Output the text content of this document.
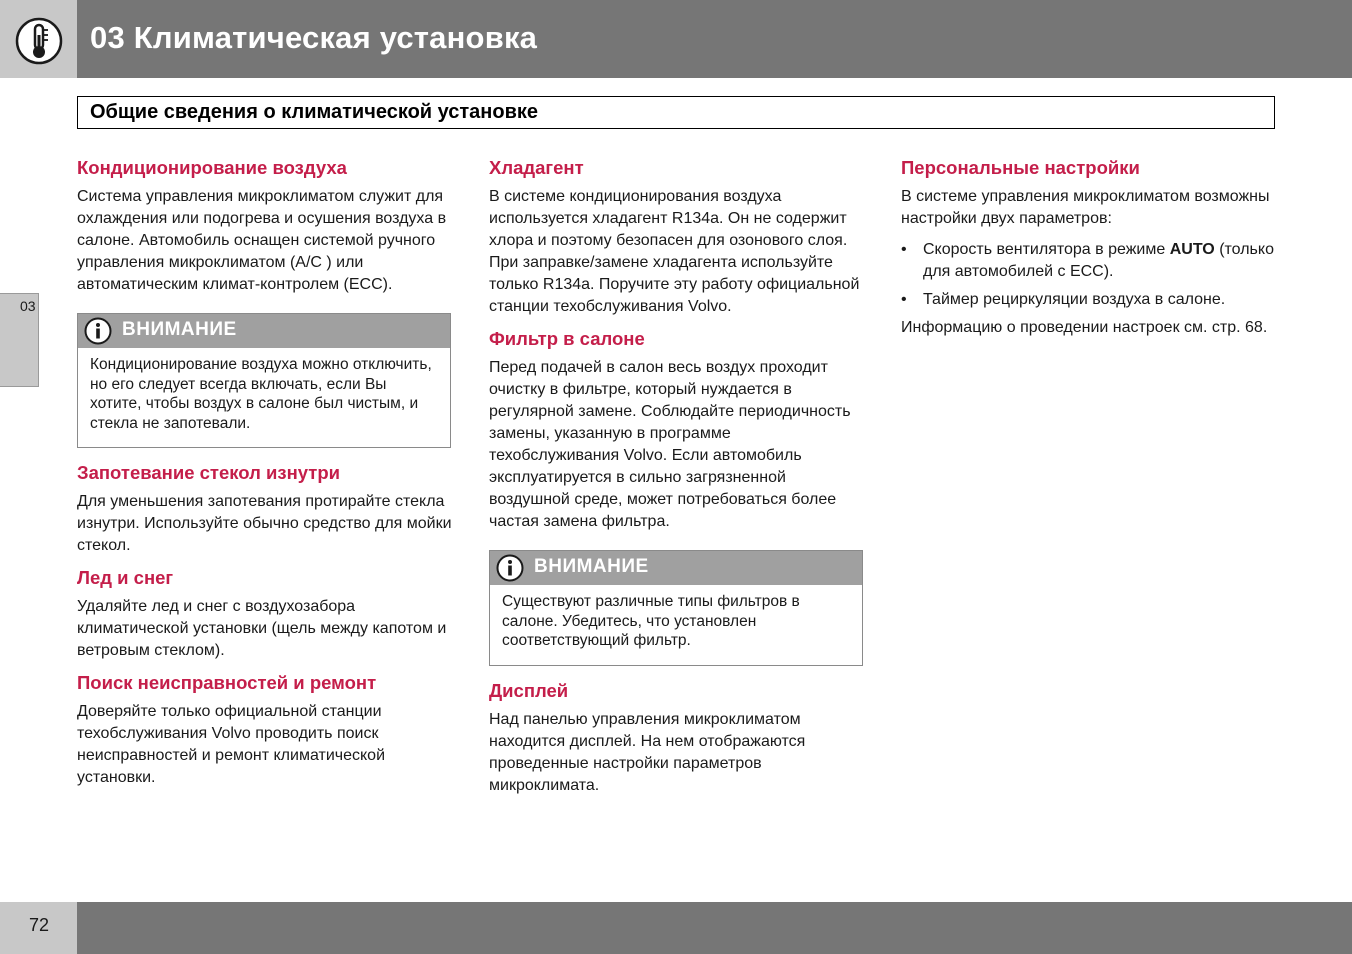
03 Климатическая установка
Общие сведения о климатической установке
03
Кондиционирование воздуха
Система управления микроклиматом служит для охлаждения или подогрева и осушения воздуха в салоне. Автомобиль оснащен системой ручного управления микроклиматом (A/C ) или автоматическим климат-контролем (ECC).
ВНИМАНИЕ
Кондиционирование воздуха можно отключить, но его следует всегда включать, если Вы хотите, чтобы воздух в салоне был чистым, и стекла не запотевали.
Запотевание стекол изнутри
Для уменьшения запотевания протирайте стекла изнутри. Используйте обычно средство для мойки стекол.
Лед и снег
Удаляйте лед и снег с воздухозабора климатической установки (щель между капотом и ветровым стеклом).
Поиск неисправностей и ремонт
Доверяйте только официальной станции техобслуживания Volvo проводить поиск неисправностей и ремонт климатической установки.
Хладагент
В системе кондиционирования воздуха используется хладагент R134a. Он не содержит хлора и поэтому безопасен для озонового слоя. При заправке/замене хладагента используйте только R134a. Поручите эту работу официальной станции техобслуживания Volvo.
Фильтр в салоне
Перед подачей в салон весь воздух проходит очистку в фильтре, который нуждается в регулярной замене. Соблюдайте периодичность замены, указанную в программе техобслуживания Volvo. Если автомобиль эксплуатируется в сильно загрязненной воздушной среде, может потребоваться более частая замена фильтра.
ВНИМАНИЕ
Существуют различные типы фильтров в салоне. Убедитесь, что установлен соответствующий фильтр.
Дисплей
Над панелью управления микроклиматом находится дисплей. На нем отображаются проведенные настройки параметров микроклимата.
Персональные настройки
В системе управления микроклиматом возможны настройки двух параметров:
• Скорость вентилятора в режиме AUTO (только для автомобилей с ECC).
• Таймер рециркуляции воздуха в салоне.
Информацию о проведении настроек см. стр. 68.
72
